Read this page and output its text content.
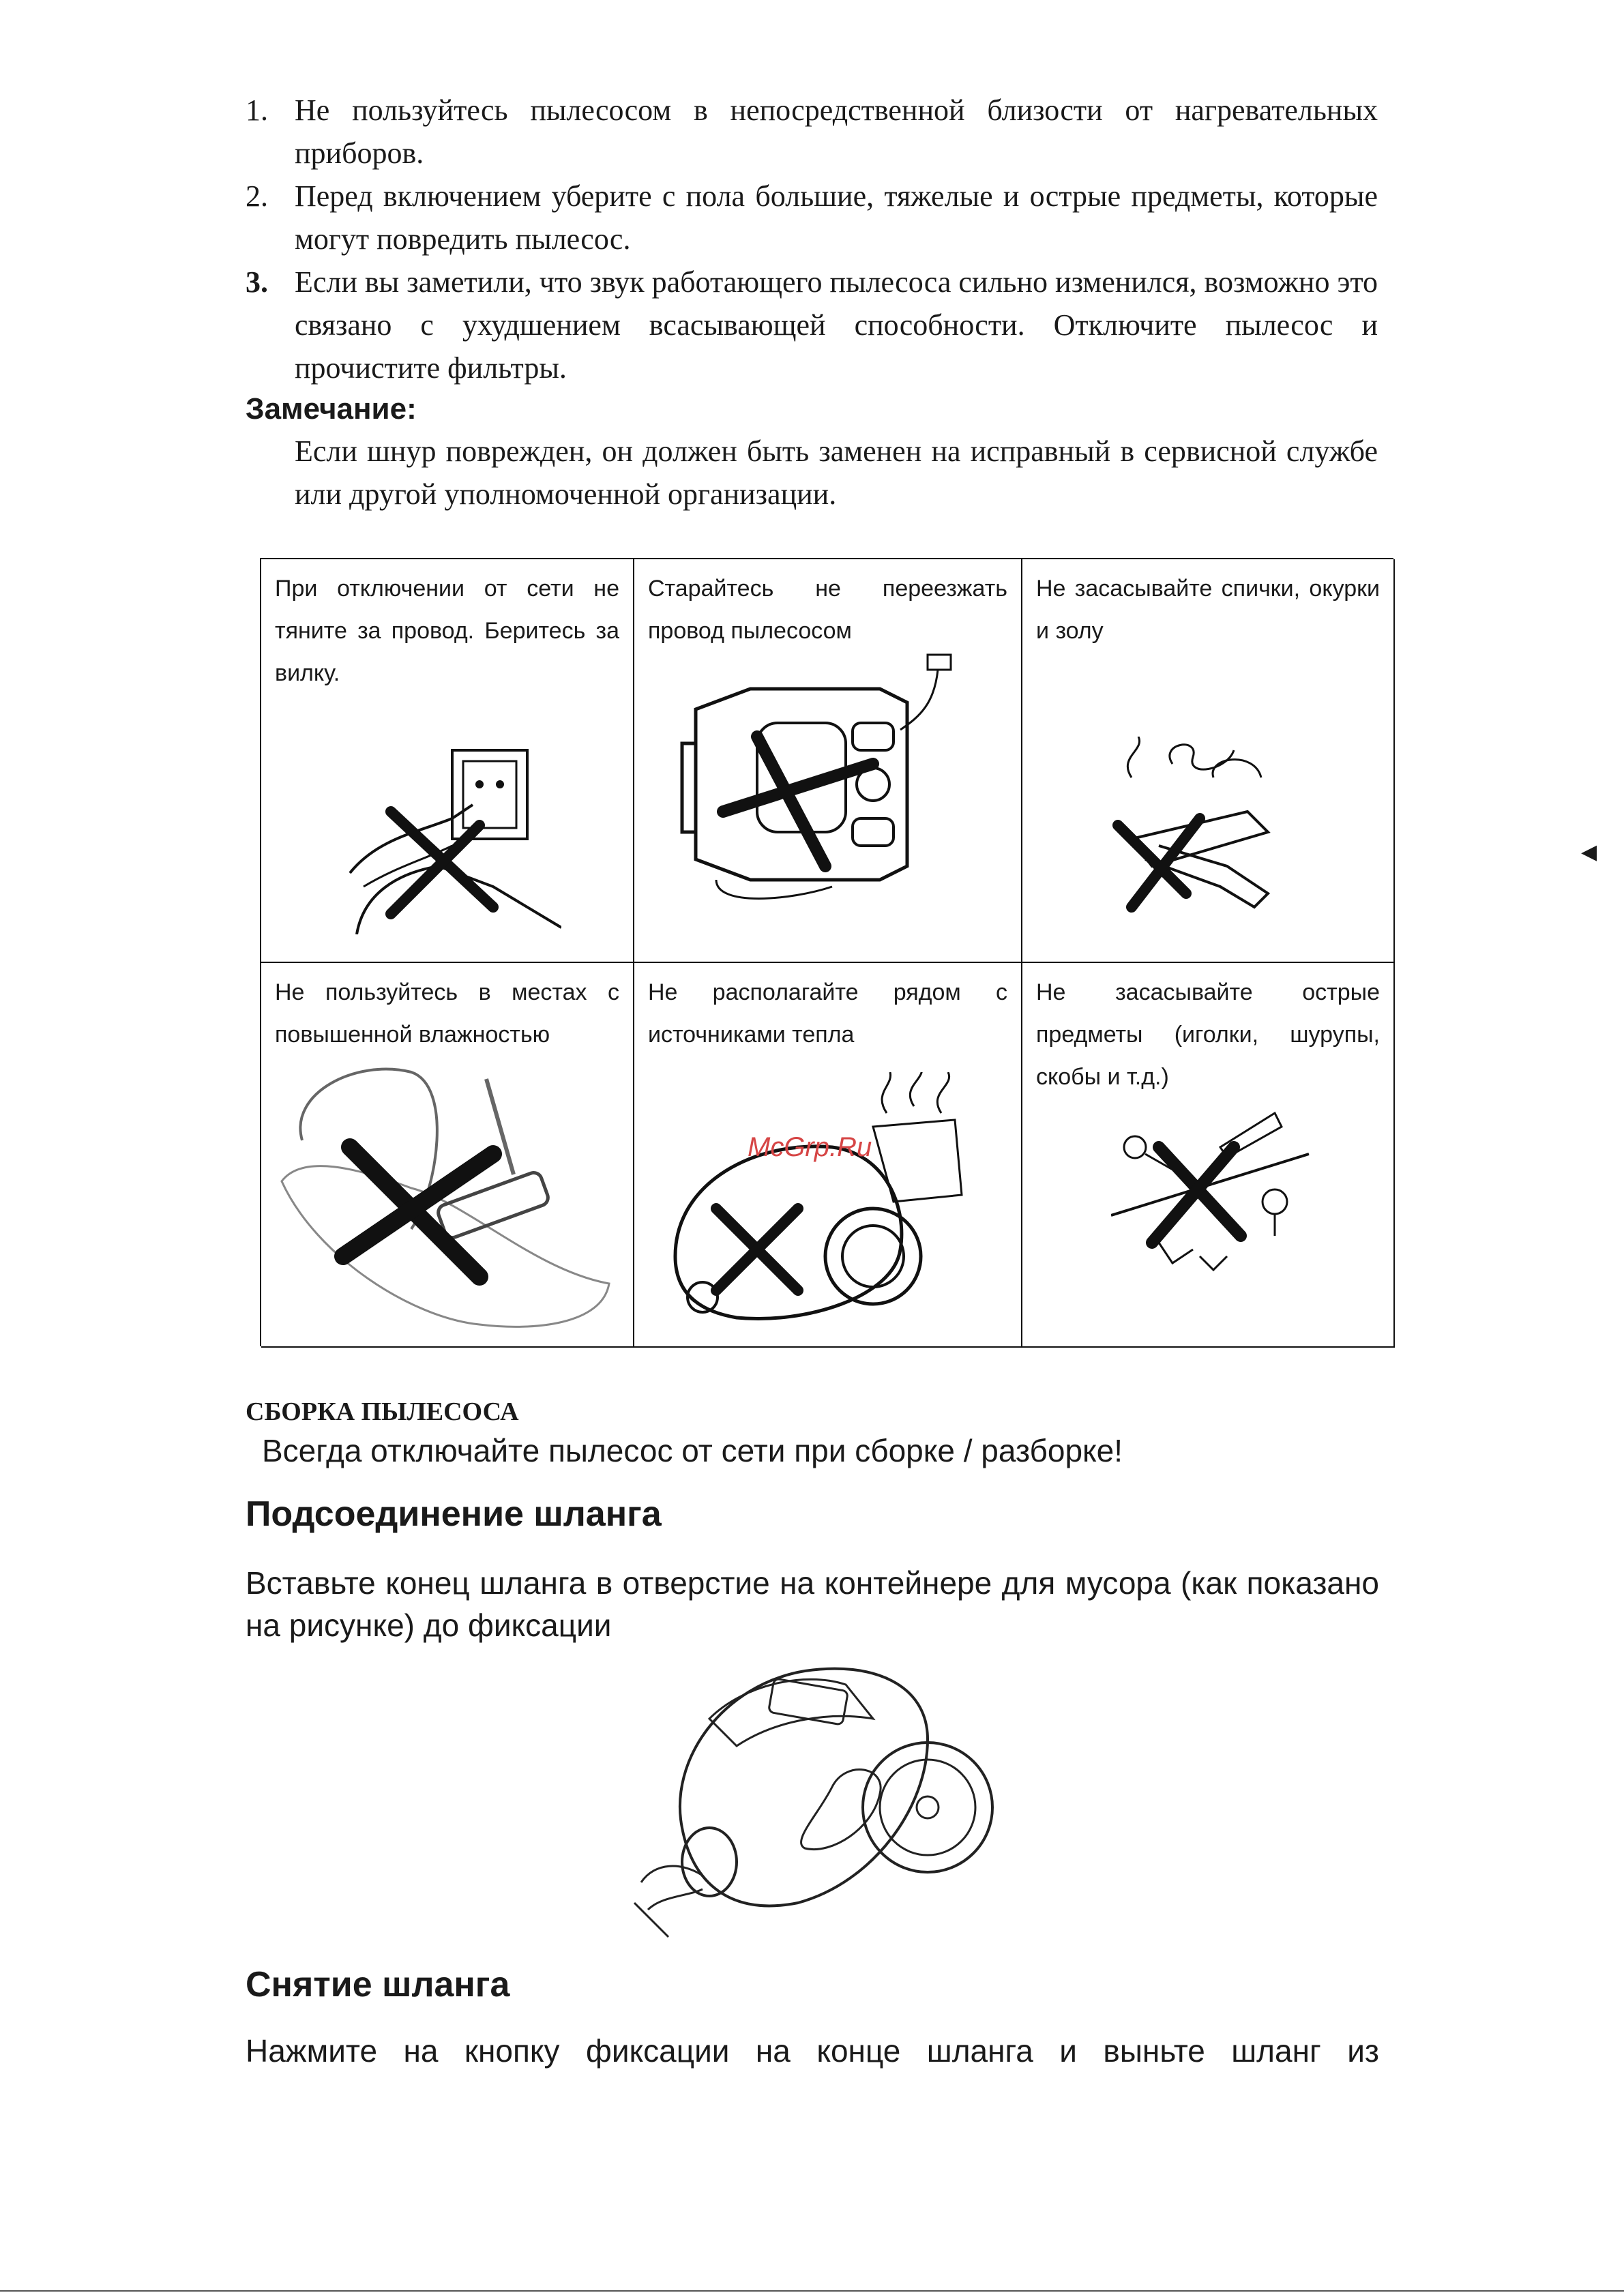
1. Не пользуйтесь пылесосом в непосредственной близости от нагревательных приборов.
2. Перед включением уберите с пола большие, тяжелые и острые предметы, которые могут повредить пылесос.
3. Если вы заметили, что звук работающего пылесоса сильно изменился, возможно это связано с ухудшением всасывающей способности. Отключите пылесос и прочистите фильтры.
Замечание:
Если шнур поврежден, он должен быть заменен на исправный в сервисной службе или другой уполномоченной организации.
При отключении от сети не тяните за провод. Беритесь за вилку.
Старайтесь не переезжать провод пылесосом
Не засасывайте спички, окурки и золу
Не пользуйтесь в местах с повышенной влажностью
Не располагайте рядом с источниками тепла
Не засасывайте острые предметы (иголки, шурупы, скобы и т.д.)
◀
McGrp.Ru
СБОРКА ПЫЛЕСОСА
Всегда отключайте пылесос от сети при сборке / разборке!
Подсоединение шланга
Вставьте конец шланга в отверстие на контейнере для мусора (как показано на рисунке) до фиксации
Снятие шланга
Нажмите на кнопку фиксации на конце шланга и выньте шланг из
